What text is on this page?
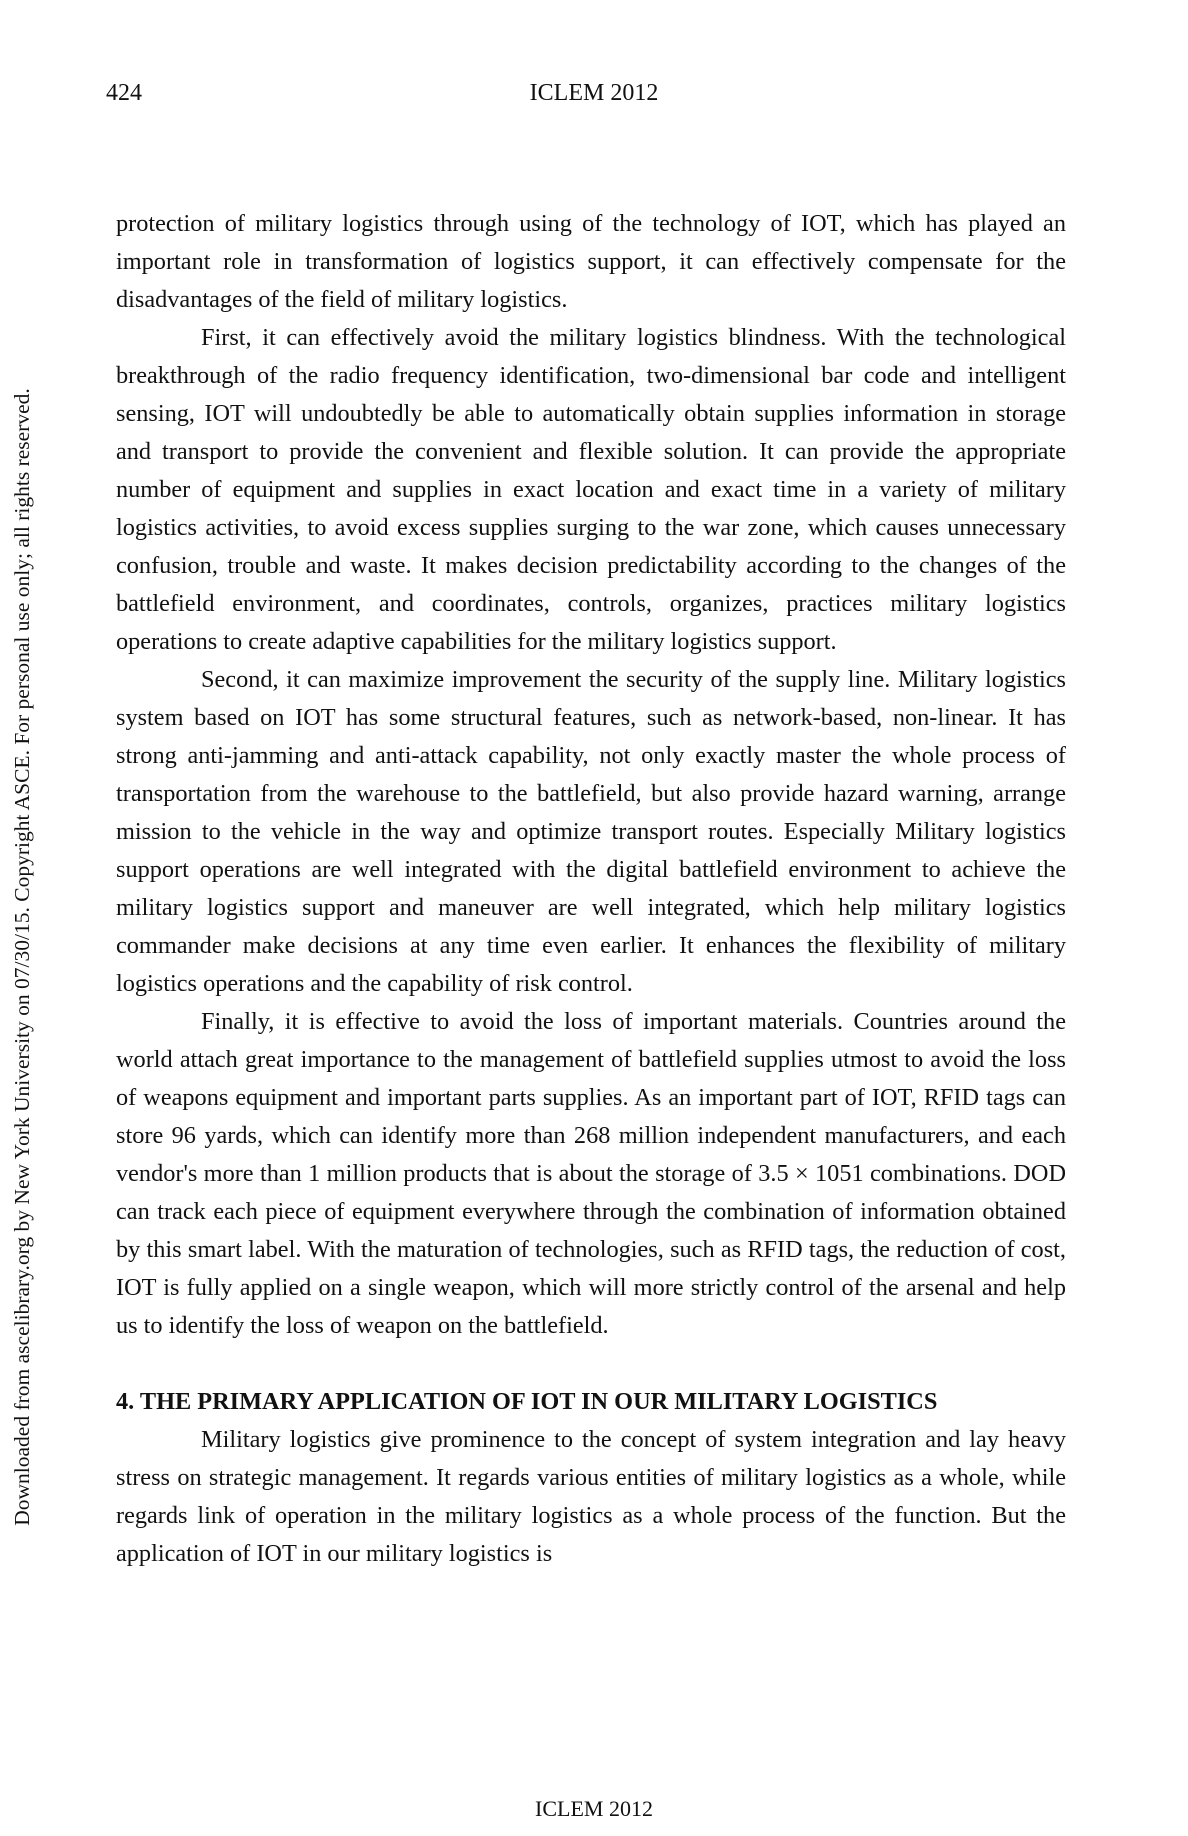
424	ICLEM 2012
Downloaded from ascelibrary.org by New York University on 07/30/15. Copyright ASCE. For personal use only; all rights reserved.

protection of military logistics through using of the technology of IOT, which has played an important role in transformation of logistics support, it can effectively compensate for the disadvantages of the field of military logistics.

First, it can effectively avoid the military logistics blindness. With the technological breakthrough of the radio frequency identification, two-dimensional bar code and intelligent sensing, IOT will undoubtedly be able to automatically obtain supplies information in storage and transport to provide the convenient and flexible solution. It can provide the appropriate number of equipment and supplies in exact location and exact time in a variety of military logistics activities, to avoid excess supplies surging to the war zone, which causes unnecessary confusion, trouble and waste. It makes decision predictability according to the changes of the battlefield environment, and coordinates, controls, organizes, practices military logistics operations to create adaptive capabilities for the military logistics support.

Second, it can maximize improvement the security of the supply line. Military logistics system based on IOT has some structural features, such as network-based, non-linear. It has strong anti-jamming and anti-attack capability, not only exactly master the whole process of transportation from the warehouse to the battlefield, but also provide hazard warning, arrange mission to the vehicle in the way and optimize transport routes. Especially Military logistics support operations are well integrated with the digital battlefield environment to achieve the military logistics support and maneuver are well integrated, which help military logistics commander make decisions at any time even earlier. It enhances the flexibility of military logistics operations and the capability of risk control.

Finally, it is effective to avoid the loss of important materials. Countries around the world attach great importance to the management of battlefield supplies utmost to avoid the loss of weapons equipment and important parts supplies. As an important part of IOT, RFID tags can store 96 yards, which can identify more than 268 million independent manufacturers, and each vendor's more than 1 million products that is about the storage of 3.5 × 1051 combinations. DOD can track each piece of equipment everywhere through the combination of information obtained by this smart label. With the maturation of technologies, such as RFID tags, the reduction of cost, IOT is fully applied on a single weapon, which will more strictly control of the arsenal and help us to identify the loss of weapon on the battlefield.

4. THE PRIMARY APPLICATION OF IOT IN OUR MILITARY LOGISTICS

Military logistics give prominence to the concept of system integration and lay heavy stress on strategic management. It regards various entities of military logistics as a whole, while regards link of operation in the military logistics as a whole process of the function. But the application of IOT in our military logistics is

ICLEM 2012
